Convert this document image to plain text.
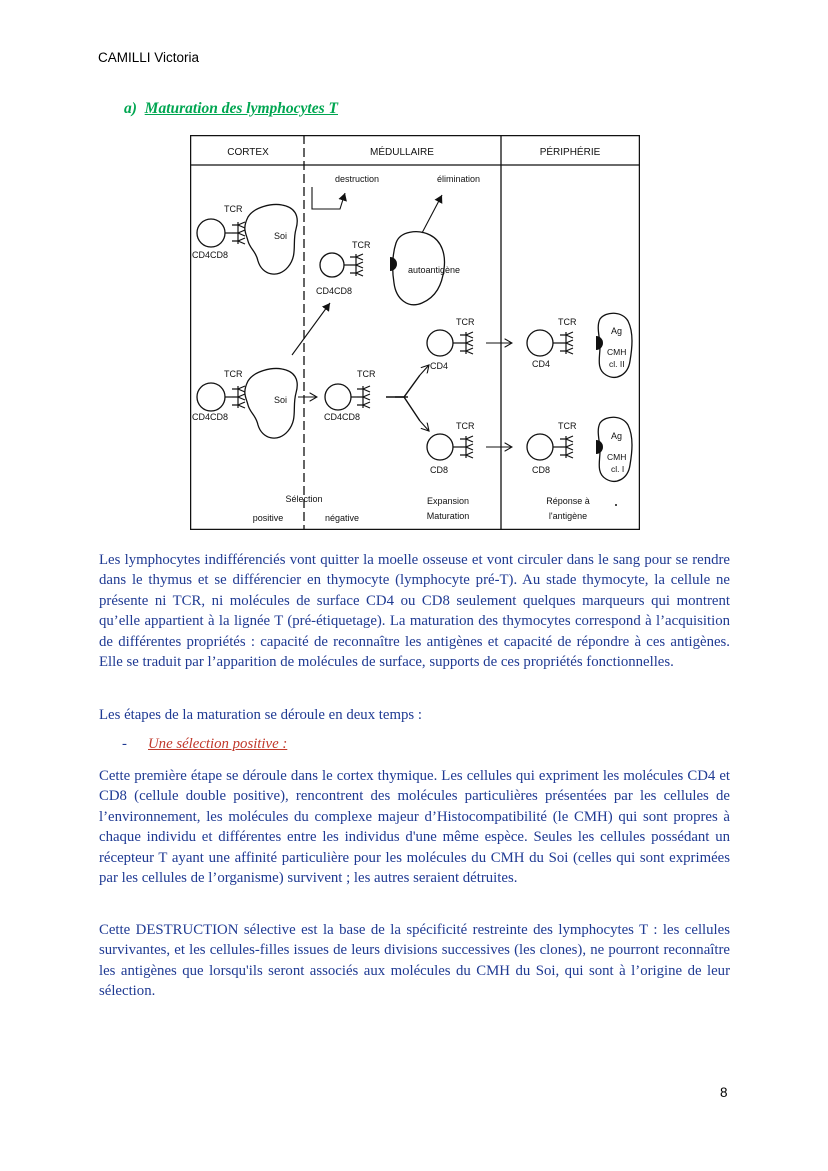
CAMILLI Victoria
a) Maturation des lymphocytes T
CORTEX	MÉDULLAIRE	PÉRIPHÉRIE
destruction	élimination
TCR
Soi
CD4CD8
TCR
Soi
CD4CD8
TCR
autoantigène
CD4CD8
TCR
CD4CD8
TCR
CD4
TCR
CD8
TCR
Ag
CMH
cl. II
CD4
TCR
Ag
CMH
cl. I
CD8
Sélection
positive	négative
Expansion
Maturation
Réponse à
l'antigène

Les lymphocytes indifférenciés vont quitter la moelle osseuse et vont circuler dans le sang pour se rendre dans le thymus et se différencier en thymocyte (lymphocyte pré-T). Au stade thymocyte, la cellule ne présente ni TCR, ni molécules de surface CD4 ou CD8 seulement quelques marqueurs qui montrent qu’elle appartient à la lignée T (pré-étiquetage). La maturation des thymocytes correspond à l’acquisition de différentes propriétés : capacité de reconnaître les antigènes et capacité de répondre à ces antigènes. Elle se traduit par l’apparition de molécules de surface, supports de ces propriétés fonctionnelles.

Les étapes de la maturation se déroule en deux temps :

- Une sélection positive :

Cette première étape se déroule dans le cortex thymique. Les cellules qui expriment les molécules CD4 et CD8 (cellule double positive), rencontrent des molécules particulières présentées par les cellules de l’environnement, les molécules du complexe majeur d’Histocompatibilité (le CMH) qui sont propres à chaque individu et différentes entre les individus d'une même espèce. Seules les cellules possédant un récepteur T ayant une affinité particulière pour les molécules du CMH du Soi (celles qui sont exprimées par les cellules de l’organisme) survivent ; les autres seraient détruites.

Cette DESTRUCTION sélective est la base de la spécificité restreinte des lymphocytes T : les cellules survivantes, et les cellules-filles issues de leurs divisions successives (les clones), ne pourront reconnaître les antigènes que lorsqu'ils seront associés aux molécules du CMH du Soi, qui sont à l’origine de leur sélection.

8
